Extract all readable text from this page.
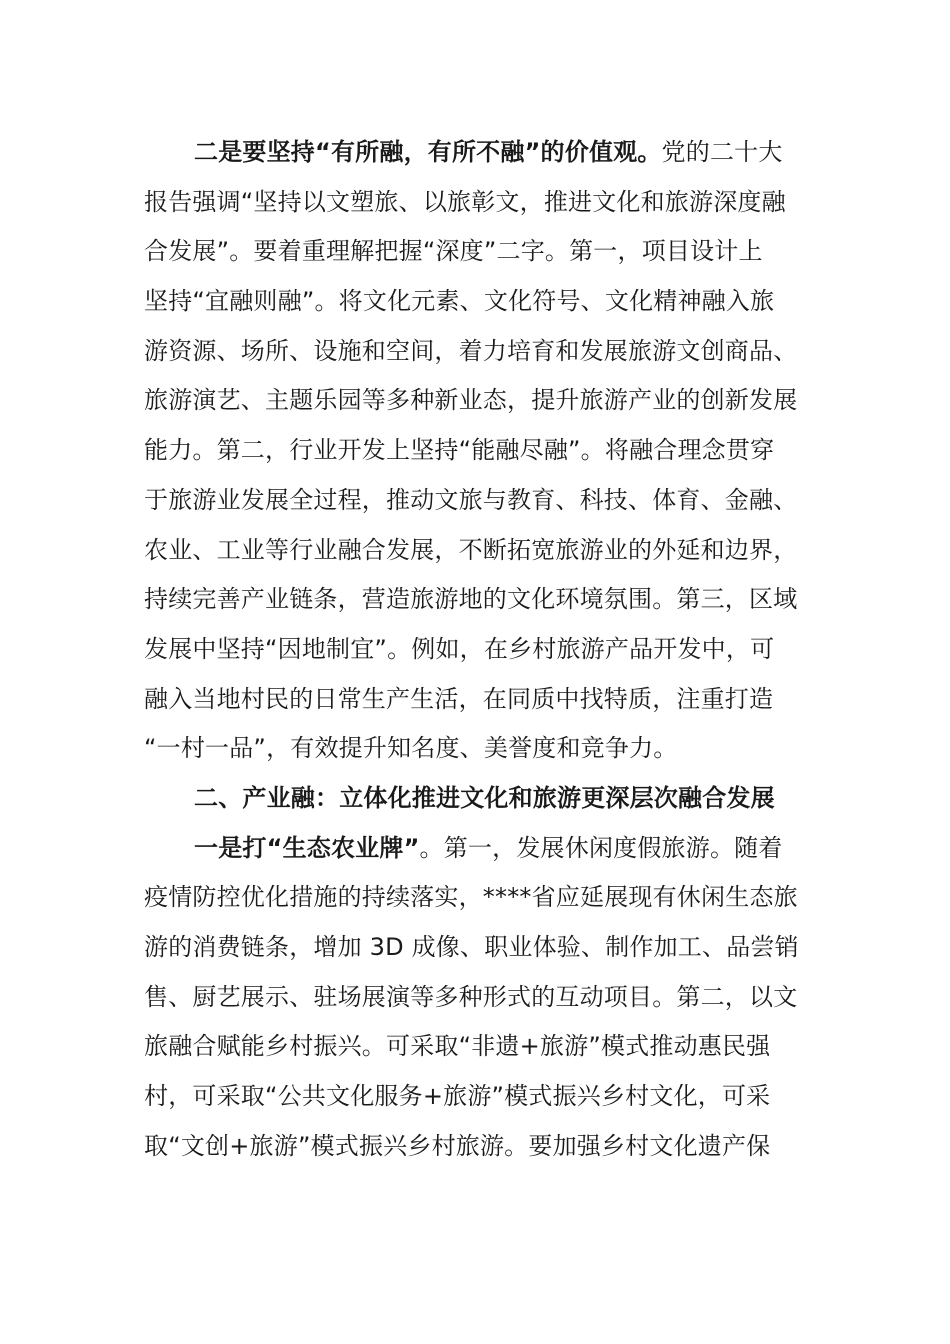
二是要坚持“有所融，有所不融”的价值观。党的二十大
报告强调“坚持以文塑旅、以旅彰文，推进文化和旅游深度融
合发展”。要着重理解把握“深度”二字。第一，项目设计上
坚持“宜融则融”。将文化元素、文化符号、文化精神融入旅
游资源、场所、设施和空间，着力培育和发展旅游文创商品、
旅游演艺、主题乐园等多种新业态，提升旅游产业的创新发展
能力。第二，行业开发上坚持“能融尽融”。将融合理念贯穿
于旅游业发展全过程，推动文旅与教育、科技、体育、金融、
农业、工业等行业融合发展，不断拓宽旅游业的外延和边界，
持续完善产业链条，营造旅游地的文化环境氛围。第三，区域
发展中坚持“因地制宜”。例如，在乡村旅游产品开发中，可
融入当地村民的日常生产生活，在同质中找特质，注重打造
“一村一品”，有效提升知名度、美誉度和竞争力。
二、产业融：立体化推进文化和旅游更深层次融合发展
一是打“生态农业牌”。第一，发展休闲度假旅游。随着
疫情防控优化措施的持续落实，****省应延展现有休闲生态旅
游的消费链条，增加 3D 成像、职业体验、制作加工、品尝销
售、厨艺展示、驻场展演等多种形式的互动项目。第二，以文
旅融合赋能乡村振兴。可采取“非遗+旅游”模式推动惠民强
村，可采取“公共文化服务+旅游”模式振兴乡村文化，可采
取“文创+旅游”模式振兴乡村旅游。要加强乡村文化遗产保
